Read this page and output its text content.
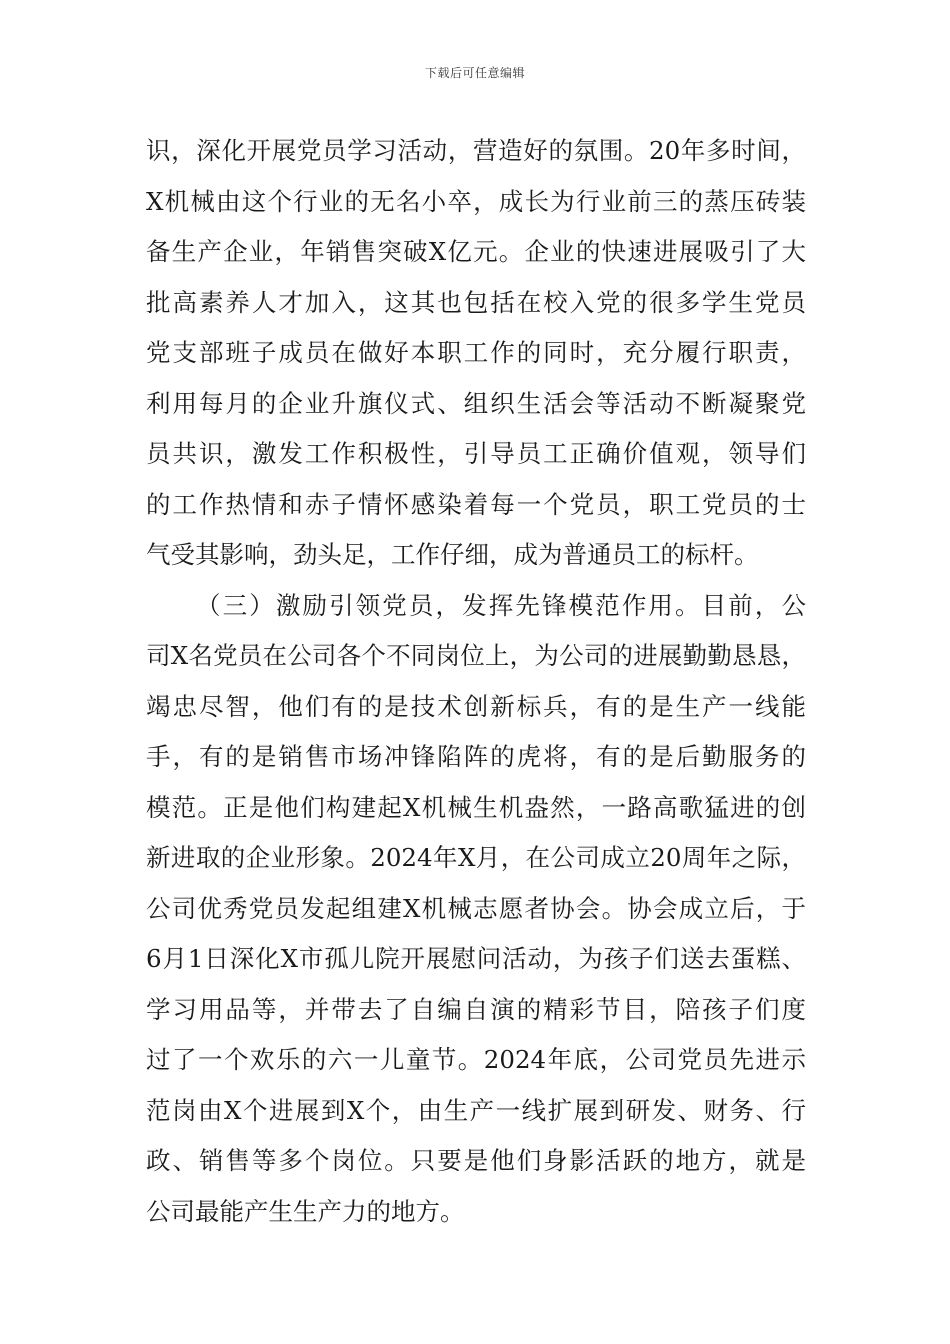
下载后可任意编辑
识，深化开展党员学习活动，营造好的氛围。20年多时间，
X机械由这个行业的无名小卒，成长为行业前三的蒸压砖装
备生产企业，年销售突破X亿元。企业的快速进展吸引了大
批高素养人才加入，这其也包括在校入党的很多学生党员
党支部班子成员在做好本职工作的同时，充分履行职责，
利用每月的企业升旗仪式、组织生活会等活动不断凝聚党
员共识，激发工作积极性，引导员工正确价值观，领导们
的工作热情和赤子情怀感染着每一个党员，职工党员的士
气受其影响，劲头足，工作仔细，成为普通员工的标杆。
（三）激励引领党员，发挥先锋模范作用。目前，公
司X名党员在公司各个不同岗位上，为公司的进展勤勤恳恳，
竭忠尽智，他们有的是技术创新标兵，有的是生产一线能
手，有的是销售市场冲锋陷阵的虎将，有的是后勤服务的
模范。正是他们构建起X机械生机盎然，一路高歌猛进的创
新进取的企业形象。2024年X月，在公司成立20周年之际，
公司优秀党员发起组建X机械志愿者协会。协会成立后，于
6月1日深化X市孤儿院开展慰问活动，为孩子们送去蛋糕、
学习用品等，并带去了自编自演的精彩节目，陪孩子们度
过了一个欢乐的六一儿童节。2024年底，公司党员先进示
范岗由X个进展到X个，由生产一线扩展到研发、财务、行
政、销售等多个岗位。只要是他们身影活跃的地方，就是
公司最能产生生产力的地方。
